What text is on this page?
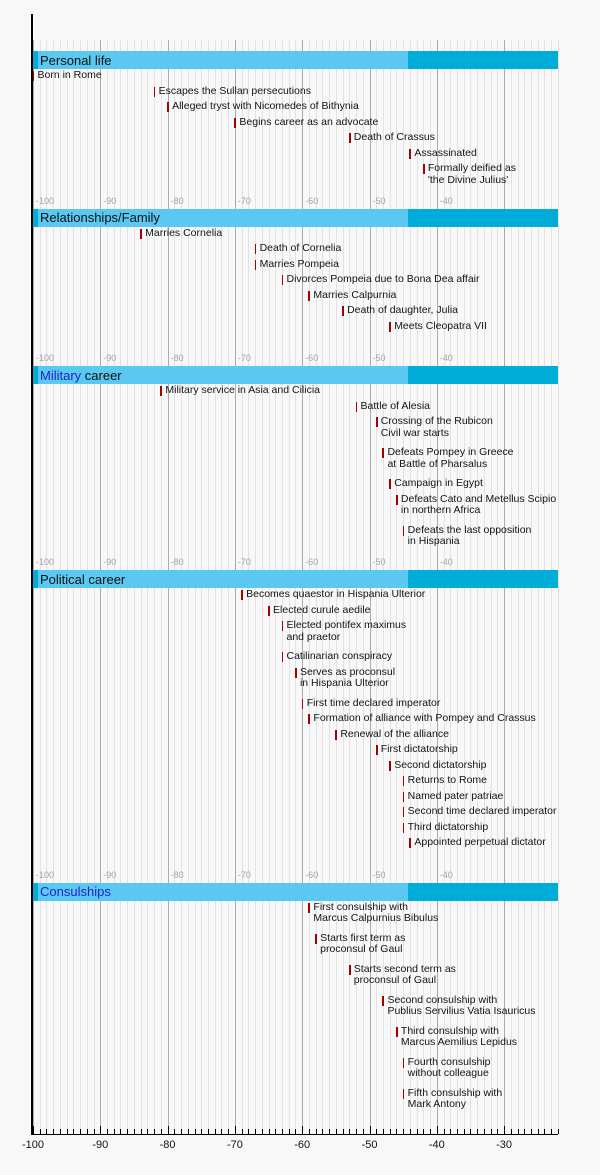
Personal life
Born in Rome
Escapes the Sullan persecutions
Alleged tryst with Nicomedes of Bithynia
Begins career as an advocate
Death of Crassus
Assassinated
Formally deified as
'the Divine Julius'
-100	-90	-80	-70	-60	-50	-40
Relationships/Family
Marries Cornelia
Death of Cornelia
Marries Pompeia
Divorces Pompeia due to Bona Dea affair
Marries Calpurnia
Death of daughter, Julia
Meets Cleopatra VII
-100	-90	-80	-70	-60	-50	-40
Military career
Military service in Asia and Cilicia
Battle of Alesia
Crossing of the Rubicon
Civil war starts
Defeats Pompey in Greece
at Battle of Pharsalus
Campaign in Egypt
Defeats Cato and Metellus Scipio
in northern Africa
Defeats the last opposition
in Hispania
-100	-90	-80	-70	-60	-50	-40
Political career
Becomes quaestor in Hispania Ulterior
Elected curule aedile
Elected pontifex maximus
and praetor
Catilinarian conspiracy
Serves as proconsul
in Hispania Ulterior
First time declared imperator
Formation of alliance with Pompey and Crassus
Renewal of the alliance
First dictatorship
Second dictatorship
Returns to Rome
Named pater patriae
Second time declared imperator
Third dictatorship
Appointed perpetual dictator
-100	-90	-80	-70	-60	-50	-40
Consulships
First consulship with
Marcus Calpurnius Bibulus
Starts first term as
proconsul of Gaul
Starts second term as
proconsul of Gaul
Second consulship with
Publius Servilius Vatia Isauricus
Third consulship with
Marcus Aemilius Lepidus
Fourth consulship
without colleague
Fifth consulship with
Mark Antony
-100	-90	-80	-70	-60	-50	-40	-30
